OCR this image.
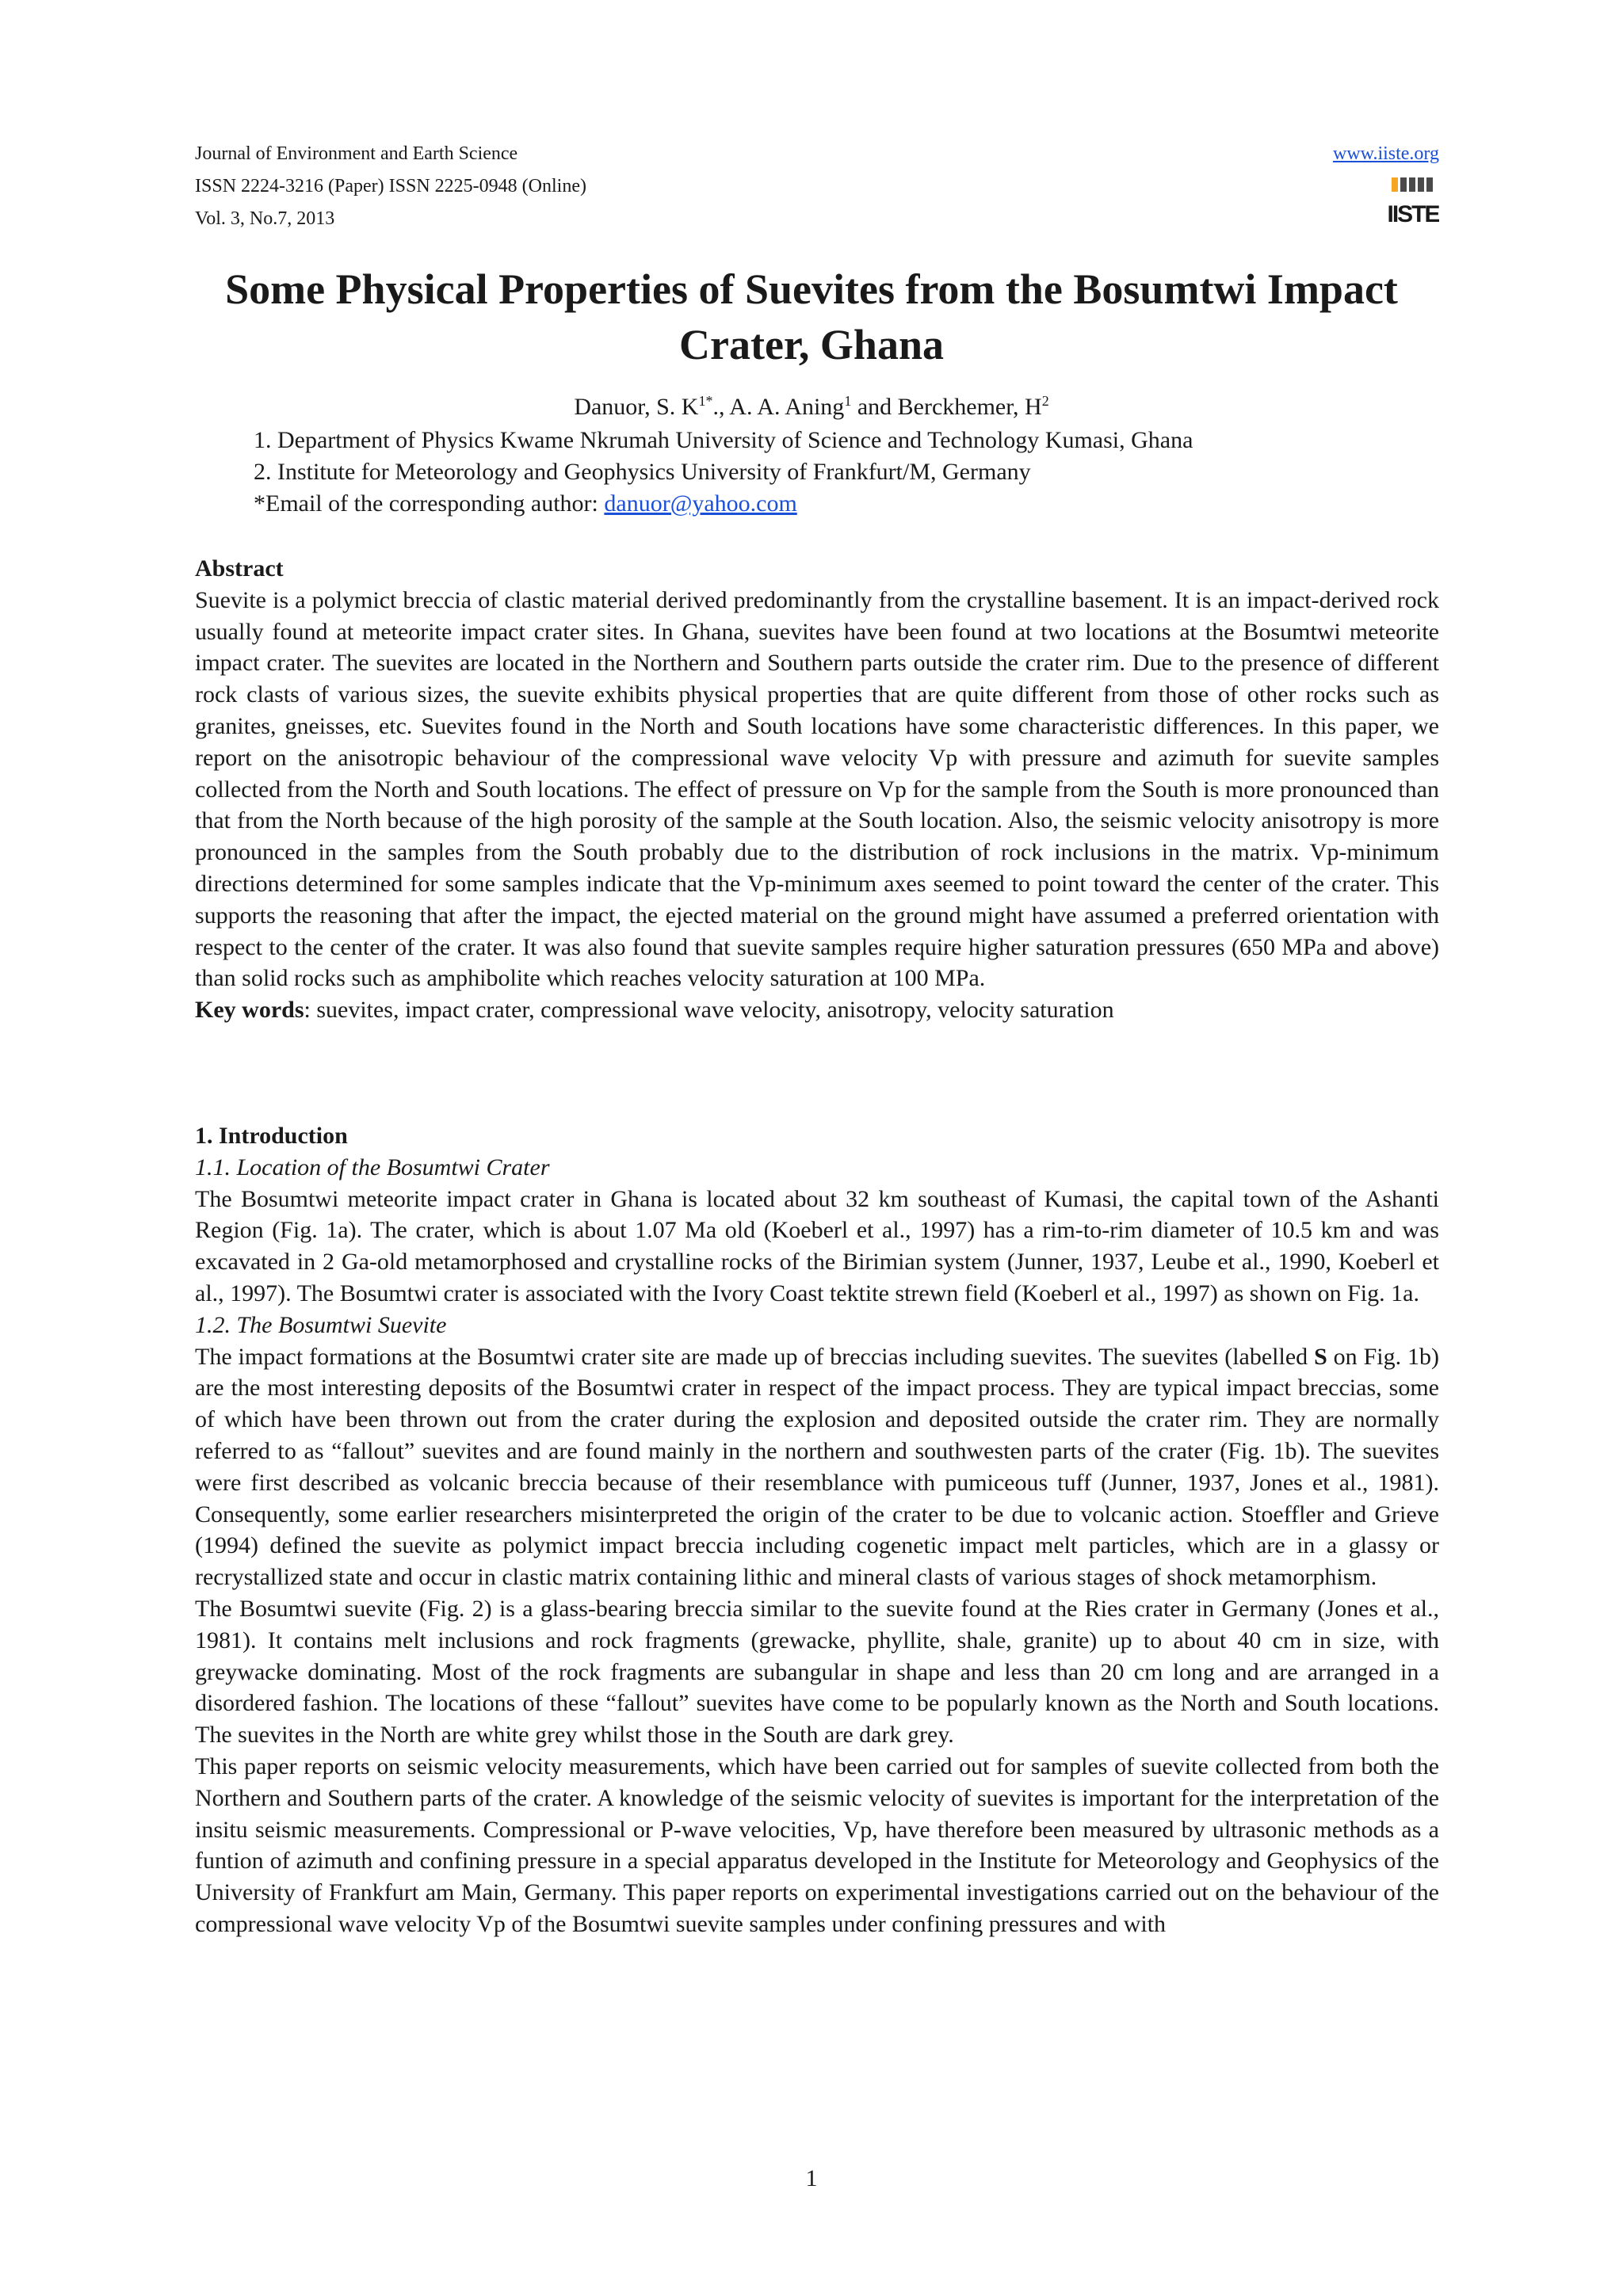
Journal of Environment and Earth Science
ISSN 2224-3216 (Paper) ISSN 2225-0948 (Online)
Vol. 3, No.7, 2013
www.iiste.org
IISTE
Some Physical Properties of Suevites from the Bosumtwi Impact Crater, Ghana
Danuor, S. $K^{1*}$., A. A. Aning$^1$ and Berckhemer, $H^2$
1. Department of Physics Kwame Nkrumah University of Science and Technology Kumasi, Ghana
2. Institute for Meteorology and Geophysics University of Frankfurt/M, Germany
*Email of the corresponding author: danuor@yahoo.com
Abstract

Suevite is a polymict breccia of clastic material derived predominantly from the crystalline basement. It is an impact-derived rock usually found at meteorite impact crater sites. In Ghana, suevites have been found at two locations at the Bosumtwi meteorite impact crater. The suevites are located in the Northern and Southern parts outside the crater rim. Due to the presence of different rock clasts of various sizes, the suevite exhibits physical properties that are quite different from those of other rocks such as granites, gneisses, etc. Suevites found in the North and South locations have some characteristic differences. In this paper, we report on the anisotropic behaviour of the compressional wave velocity Vp with pressure and azimuth for suevite samples collected from the North and South locations. The effect of pressure on Vp for the sample from the South is more pronounced than that from the North because of the high porosity of the sample at the South location. Also, the seismic velocity anisotropy is more pronounced in the samples from the South probably due to the distribution of rock inclusions in the matrix. Vp-minimum directions determined for some samples indicate that the Vp-minimum axes seemed to point toward the center of the crater. This supports the reasoning that after the impact, the ejected material on the ground might have assumed a preferred orientation with respect to the center of the crater. It was also found that suevite samples require higher saturation pressures (650 MPa and above) than solid rocks such as amphibolite which reaches velocity saturation at 100 MPa.

Key words: suevites, impact crater, compressional wave velocity, anisotropy, velocity saturation

1. Introduction
1.1. Location of the Bosumtwi Crater

The Bosumtwi meteorite impact crater in Ghana is located about 32 km southeast of Kumasi, the capital town of the Ashanti Region (Fig. 1a). The crater, which is about 1.07 Ma old (Koeberl et al., 1997) has a rim-to-rim diameter of 10.5 km and was excavated in 2 Ga-old metamorphosed and crystalline rocks of the Birimian system (Junner, 1937, Leube et al., 1990, Koeberl et al., 1997). The Bosumtwi crater is associated with the Ivory Coast tektite strewn field (Koeberl et al., 1997) as shown on Fig. 1a.

1.2. The Bosumtwi Suevite

The impact formations at the Bosumtwi crater site are made up of breccias including suevites. The suevites (labelled S on Fig. 1b) are the most interesting deposits of the Bosumtwi crater in respect of the impact process. They are typical impact breccias, some of which have been thrown out from the crater during the explosion and deposited outside the crater rim. They are normally referred to as “fallout” suevites and are found mainly in the northern and southwesten parts of the crater (Fig. 1b). The suevites were first described as volcanic breccia because of their resemblance with pumiceous tuff (Junner, 1937, Jones et al., 1981). Consequently, some earlier researchers misinterpreted the origin of the crater to be due to volcanic action. Stoeffler and Grieve (1994) defined the suevite as polymict impact breccia including cogenetic impact melt particles, which are in a glassy or recrystallized state and occur in clastic matrix containing lithic and mineral clasts of various stages of shock metamorphism.

The Bosumtwi suevite (Fig. 2) is a glass-bearing breccia similar to the suevite found at the Ries crater in Germany (Jones et al., 1981). It contains melt inclusions and rock fragments (grewacke, phyllite, shale, granite) up to about 40 cm in size, with greywacke dominating. Most of the rock fragments are subangular in shape and less than 20 cm long and are arranged in a disordered fashion. The locations of these “fallout” suevites have come to be popularly known as the North and South locations. The suevites in the North are white grey whilst those in the South are dark grey.

This paper reports on seismic velocity measurements, which have been carried out for samples of suevite collected from both the Northern and Southern parts of the crater. A knowledge of the seismic velocity of suevites is important for the interpretation of the insitu seismic measurements. Compressional or P-wave velocities, Vp, have therefore been measured by ultrasonic methods as a funtion of azimuth and confining pressure in a special apparatus developed in the Institute for Meteorology and Geophysics of the University of Frankfurt am Main, Germany. This paper reports on experimental investigations carried out on the behaviour of the compressional wave velocity Vp of the Bosumtwi suevite samples under confining pressures and with

1
